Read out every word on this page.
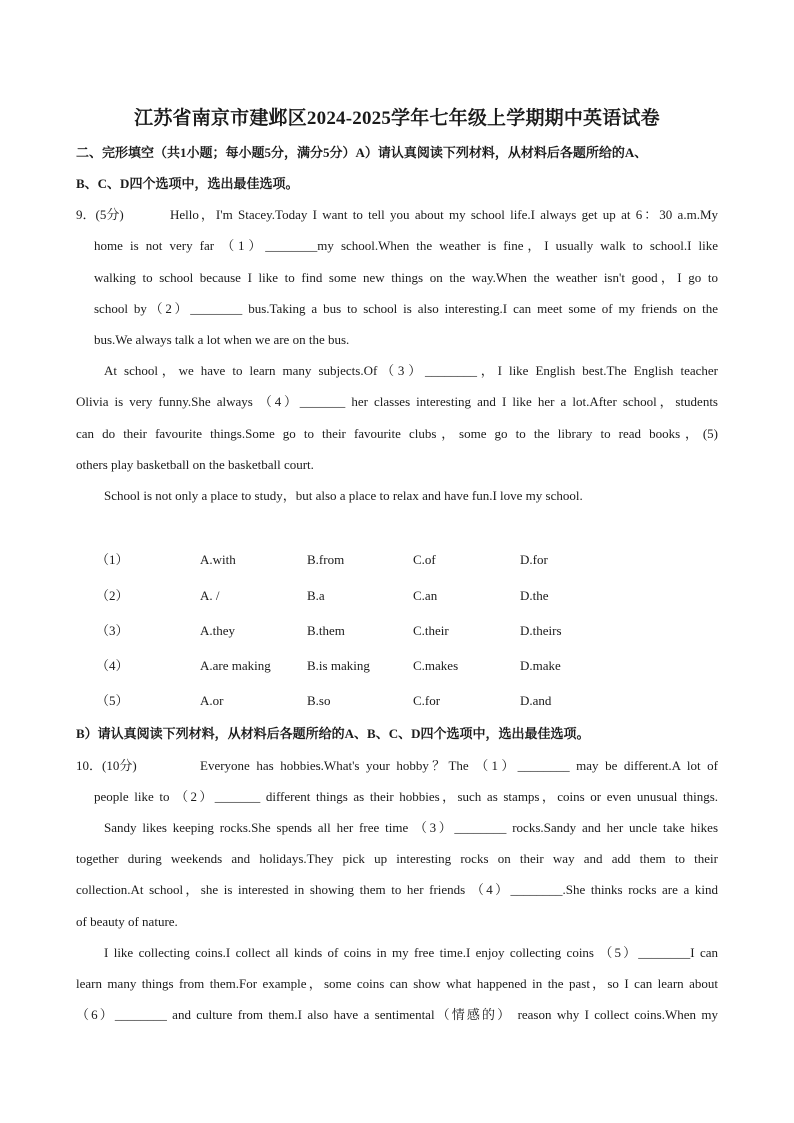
江苏省南京市建邺区2024-2025学年七年级上学期期中英语试卷
二、完形填空（共1小题；每小题5分，满分5分）A）请认真阅读下列材料，从材料后各题所给的A、
B、C、D四个选项中，选出最佳选项。
9．(5分)	Hello，I'm Stacey.Today I want to tell you about my school life.I always get up at 6：30 a.m.My
home is not very far （1）________my school.When the weather is fine，I usually walk to school.I like
walking to school because I like to find some new things on the way.When the weather isn't good，I go to
school by（2）________ bus.Taking a bus to school is also interesting.I can meet some of my friends on the
bus.We always talk a lot when we are on the bus.
At school，we have to learn many subjects.Of（3）________，I like English best.The English teacher
Olivia is very funny.She always （4）_______ her classes interesting and I like her a lot.After school，students
can do their favourite things.Some go to their favourite clubs，some go to the library to read books，(5)
others play basketball on the basketball court.
School is not only a place to study，but also a place to relax and have fun.I love my school.
（1）	A.with	B.from	C.of	D.for
（2）	A. /	B.a	C.an	D.the
（3）	A.they	B.them	C.their	D.theirs
（4）	A.are making	B.is making	C.makes	D.make
（5）	A.or	B.so	C.for	D.and
B）请认真阅读下列材料，从材料后各题所给的A、B、C、D四个选项中，选出最佳选项。
10．(10分)	Everyone has hobbies.What's your hobby？The （1）________ may be different.A lot of
people like to （2）_______ different things as their hobbies，such as stamps，coins or even unusual things.
Sandy likes keeping rocks.She spends all her free time （3）________ rocks.Sandy and her uncle take hikes
together during weekends and holidays.They pick up interesting rocks on their way and add them to their
collection.At school，she is interested in showing them to her friends （4）________.She thinks rocks are a kind
of beauty of nature.
I like collecting coins.I collect all kinds of coins in my free time.I enjoy collecting coins （5）________I can
learn many things from them.For example，some coins can show what happened in the past，so I can learn about
（6）________ and culture from them.I also have a sentimental（情感的） reason why I collect coins.When my
